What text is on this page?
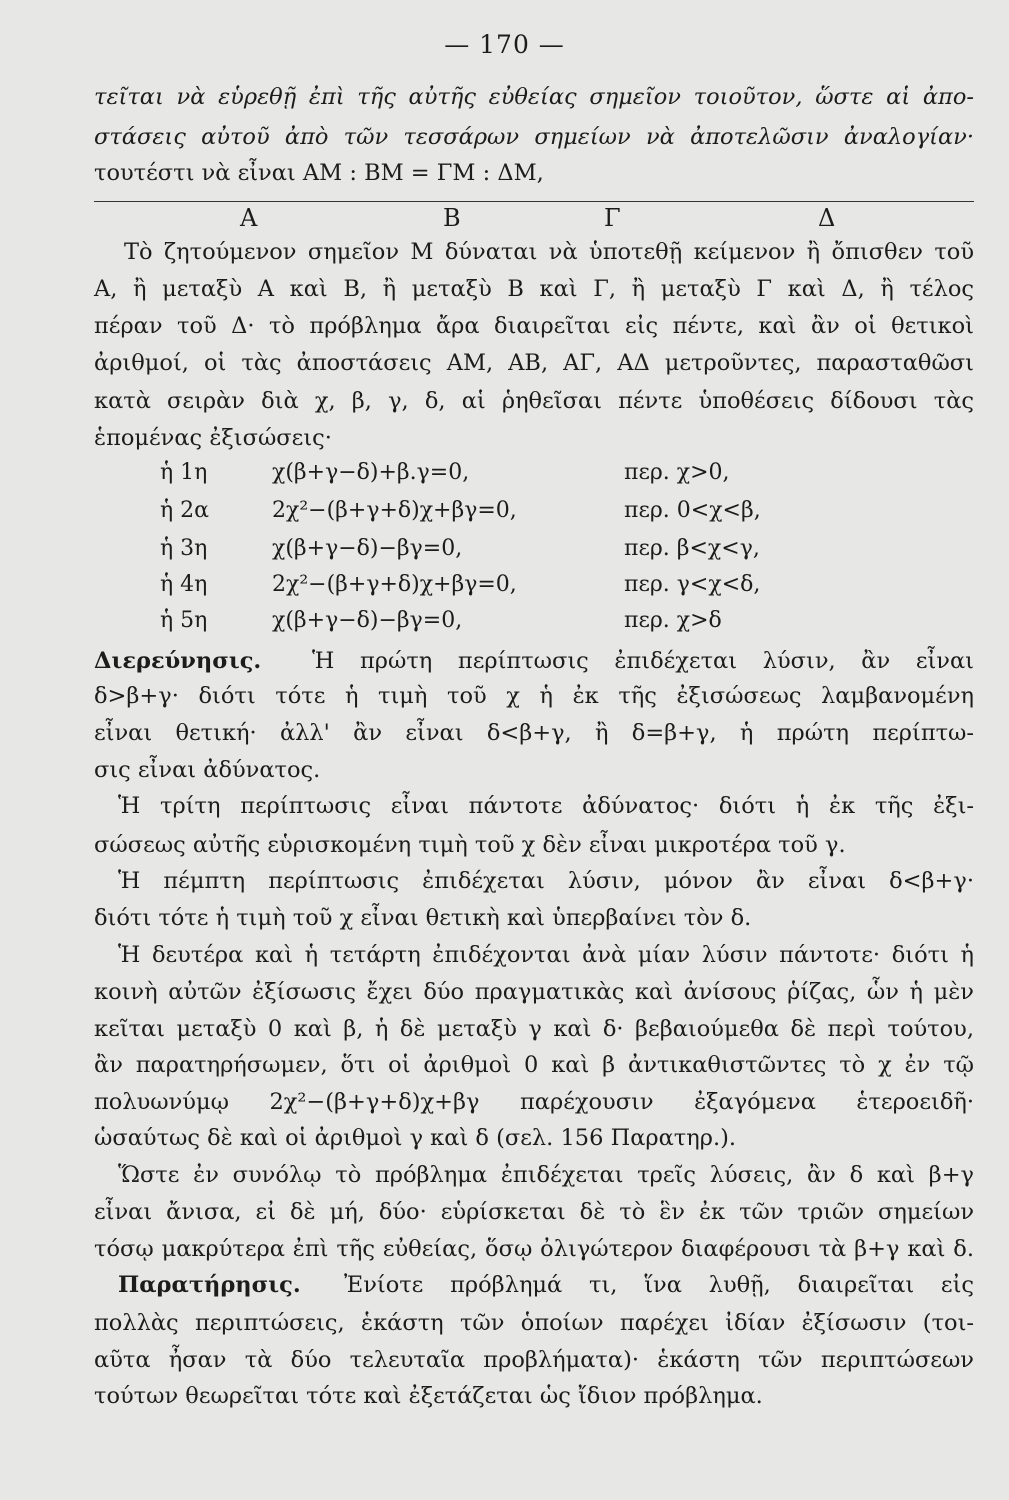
— 170 —
τεῖται νὰ εὑρεθῇ ἐπὶ τῆς αὐτῆς εὐθείας σημεῖον τοιοῦτον, ὥστε αἱ ἀπο-
στάσεις αὐτοῦ ἀπὸ τῶν τεσσάρων σημείων νὰ ἀποτελῶσιν ἀναλογίαν·
τουτέστι νὰ εἶναι ΑΜ : ΒΜ = ΓΜ : ΔΜ,
Α	Β	Γ	Δ
Τὸ ζητούμενον σημεῖον Μ δύναται νὰ ὑποτεθῇ κείμενον ἢ ὄπισθεν τοῦ
Α, ἢ μεταξὺ Α καὶ Β, ἢ μεταξὺ Β καὶ Γ, ἢ μεταξὺ Γ καὶ Δ, ἢ τέλος
πέραν τοῦ Δ· τὸ πρόβλημα ἄρα διαιρεῖται εἰς πέντε, καὶ ἂν οἱ θετικοὶ
ἀριθμοί, οἱ τὰς ἀποστάσεις ΑΜ, ΑΒ, ΑΓ, ΑΔ μετροῦντες, παρασταθῶσι
κατὰ σειρὰν διὰ χ, β, γ, δ, αἱ ῥηθεῖσαι πέντε ὑποθέσεις δίδουσι τὰς
ἑπομένας ἐξισώσεις·
ἡ 1η	χ(β+γ−δ)+β.γ=0,	περ. χ>0,
ἡ 2α	2χ²−(β+γ+δ)χ+βγ=0,	περ. 0<χ<β,
ἡ 3η	χ(β+γ−δ)−βγ=0,	περ. β<χ<γ,
ἡ 4η	2χ²−(β+γ+δ)χ+βγ=0,	περ. γ<χ<δ,
ἡ 5η	χ(β+γ−δ)−βγ=0,	περ. χ>δ
Διερεύνησις.	Ἡ πρώτη περίπτωσις ἐπιδέχεται λύσιν, ἂν εἶναι
δ>β+γ· διότι τότε ἡ τιμὴ τοῦ χ ἡ ἐκ τῆς ἐξισώσεως λαμβανομένη
εἶναι θετική· ἀλλ' ἂν εἶναι δ<β+γ, ἢ δ=β+γ, ἡ πρώτη περίπτω-
σις εἶναι ἀδύνατος.
Ἡ τρίτη περίπτωσις εἶναι πάντοτε ἀδύνατος· διότι ἡ ἐκ τῆς ἐξι-
σώσεως αὐτῆς εὑρισκομένη τιμὴ τοῦ χ δὲν εἶναι μικροτέρα τοῦ γ.
Ἡ πέμπτη περίπτωσις ἐπιδέχεται λύσιν, μόνον ἂν εἶναι δ<β+γ·
διότι τότε ἡ τιμὴ τοῦ χ εἶναι θετικὴ καὶ ὑπερβαίνει τὸν δ.
Ἡ δευτέρα καὶ ἡ τετάρτη ἐπιδέχονται ἀνὰ μίαν λύσιν πάντοτε· διότι ἡ
κοινὴ αὐτῶν ἐξίσωσις ἔχει δύο πραγματικὰς καὶ ἀνίσους ῥίζας, ὧν ἡ μὲν
κεῖται μεταξὺ 0 καὶ β, ἡ δὲ μεταξὺ γ καὶ δ· βεβαιούμεθα δὲ περὶ τούτου,
ἂν παρατηρήσωμεν, ὅτι οἱ ἀριθμοὶ 0 καὶ β ἀντικαθιστῶντες τὸ χ ἐν τῷ
πολυωνύμῳ 2χ²−(β+γ+δ)χ+βγ παρέχουσιν ἐξαγόμενα ἑτεροειδῆ·
ὡσαύτως δὲ καὶ οἱ ἀριθμοὶ γ καὶ δ (σελ. 156 Παρατηρ.).
Ὥστε ἐν συνόλῳ τὸ πρόβλημα ἐπιδέχεται τρεῖς λύσεις, ἂν δ καὶ β+γ
εἶναι ἄνισα, εἰ δὲ μή, δύο· εὑρίσκεται δὲ τὸ ἓν ἐκ τῶν τριῶν σημείων
τόσῳ μακρύτερα ἐπὶ τῆς εὐθείας, ὅσῳ ὀλιγώτερον διαφέρουσι τὰ β+γ καὶ δ.
Παρατήρησις.	Ἐνίοτε πρόβλημά τι, ἵνα λυθῇ, διαιρεῖται εἰς
πολλὰς περιπτώσεις, ἑκάστη τῶν ὁποίων παρέχει ἰδίαν ἐξίσωσιν (τοι-
αῦτα ἦσαν τὰ δύο τελευταῖα προβλήματα)· ἑκάστη τῶν περιπτώσεων
τούτων θεωρεῖται τότε καὶ ἐξετάζεται ὡς ἴδιον πρόβλημα.
